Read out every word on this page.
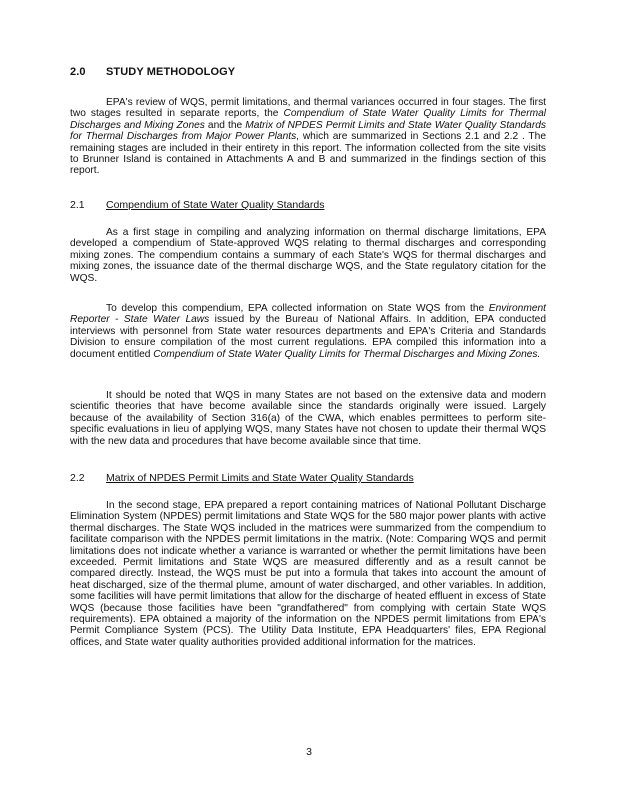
2.0 STUDY METHODOLOGY

EPA's review of WQS, permit limitations, and thermal variances occurred in four stages. The first two stages resulted in separate reports, the Compendium of State Water Quality Limits for Thermal Discharges and Mixing Zones and the Matrix of NPDES Permit Limits and State Water Quality Standards for Thermal Discharges from Major Power Plants, which are summarized in Sections 2.1 and 2.2 . The remaining stages are included in their entirety in this report. The information collected from the site visits to Brunner Island is contained in Attachments A and B and summarized in the findings section of this report.

2.1 Compendium of State Water Quality Standards

As a first stage in compiling and analyzing information on thermal discharge limitations, EPA developed a compendium of State-approved WQS relating to thermal discharges and corresponding mixing zones. The compendium contains a summary of each State's WQS for thermal discharges and mixing zones, the issuance date of the thermal discharge WQS, and the State regulatory citation for the WQS.

To develop this compendium, EPA collected information on State WQS from the Environment Reporter - State Water Laws issued by the Bureau of National Affairs. In addition, EPA conducted interviews with personnel from State water resources departments and EPA's Criteria and Standards Division to ensure compilation of the most current regulations. EPA compiled this information into a document entitled Compendium of State Water Quality Limits for Thermal Discharges and Mixing Zones.

It should be noted that WQS in many States are not based on the extensive data and modern scientific theories that have become available since the standards originally were issued. Largely because of the availability of Section 316(a) of the CWA, which enables permittees to perform site-specific evaluations in lieu of applying WQS, many States have not chosen to update their thermal WQS with the new data and procedures that have become available since that time.

2.2 Matrix of NPDES Permit Limits and State Water Quality Standards

In the second stage, EPA prepared a report containing matrices of National Pollutant Discharge Elimination System (NPDES) permit limitations and State WQS for the 580 major power plants with active thermal discharges. The State WQS included in the matrices were summarized from the compendium to facilitate comparison with the NPDES permit limitations in the matrix. (Note: Comparing WQS and permit limitations does not indicate whether a variance is warranted or whether the permit limitations have been exceeded. Permit limitations and State WQS are measured differently and as a result cannot be compared directly. Instead, the WQS must be put into a formula that takes into account the amount of heat discharged, size of the thermal plume, amount of water discharged, and other variables. In addition, some facilities will have permit limitations that allow for the discharge of heated effluent in excess of State WQS (because those facilities have been "grandfathered" from complying with certain State WQS requirements). EPA obtained a majority of the information on the NPDES permit limitations from EPA's Permit Compliance System (PCS). The Utility Data Institute, EPA Headquarters' files, EPA Regional offices, and State water quality authorities provided additional information for the matrices.

3
